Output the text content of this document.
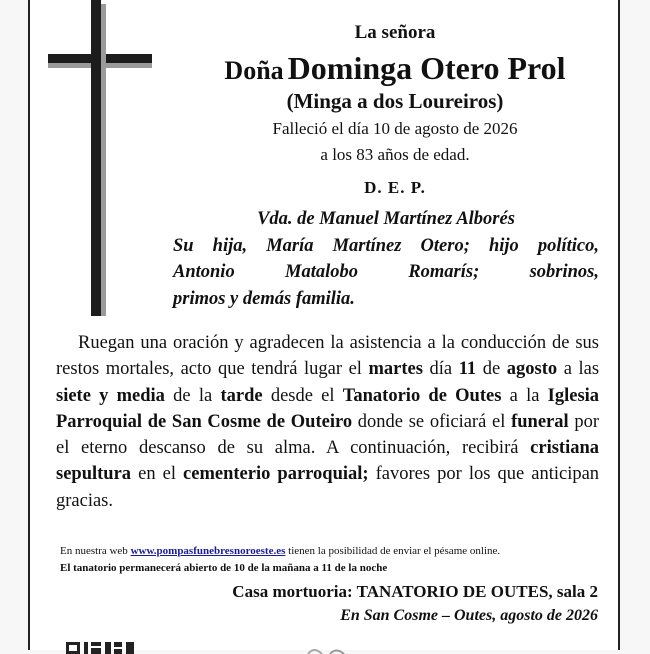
La señora
Doña Dominga Otero Prol
(Minga a dos Loureiros)
Falleció el día 10 de agosto de 2026
a los 83 años de edad.
D. E. P.
Vda. de Manuel Martínez Alborés
Su hija, María Martínez Otero; hijo político,
Antonio Matalobo Romarís; sobrinos,
primos y demás familia.
Ruegan una oración y agradecen la asistencia a la conducción de sus restos mortales, acto que tendrá lugar el martes día 11 de agosto a las siete y media de la tarde desde el Tanatorio de Outes a la Iglesia Parroquial de San Cosme de Outeiro donde se oficiará el funeral por el eterno descanso de su alma. A continuación, recibirá cristiana sepultura en el cementerio parroquial; favores por los que anticipan gracias.
En nuestra web www.pompasfunebresnoroeste.es tienen la posibilidad de enviar el pésame online.
El tanatorio permanecerá abierto de 10 de la mañana a 11 de la noche
Casa mortuoria: TANATORIO DE OUTES, sala 2
En San Cosme – Outes, agosto de 2026
